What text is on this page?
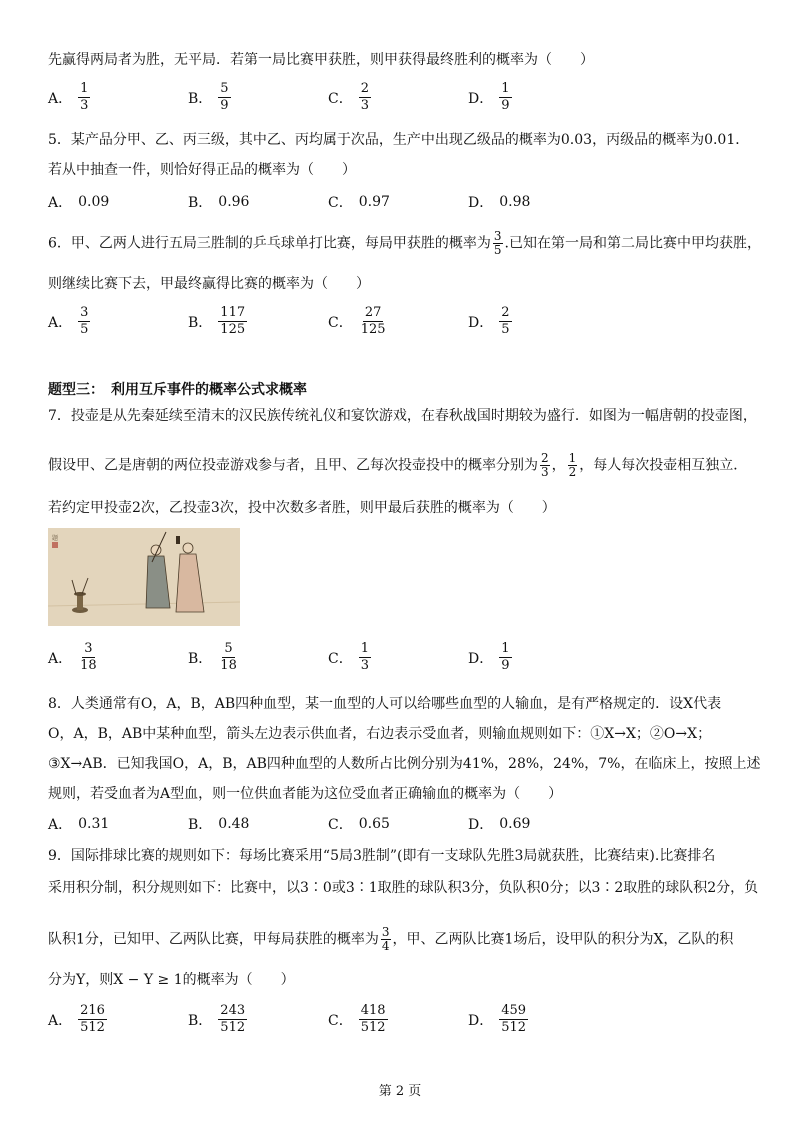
先赢得两局者为胜，无平局．若第一局比赛甲获胜，则甲获得最终胜利的概率为（　　）
A． $\frac{1}{3}$	B． $\frac{5}{9}$	C． $\frac{2}{3}$	D． $\frac{1}{9}$
5．某产品分甲、乙、丙三级，其中乙、丙均属于次品，生产中出现乙级品的概率为0.03，丙级品的概率为0.01．
若从中抽查一件，则恰好得正品的概率为（　　）
A． 0.09	B． 0.96	C． 0.97	D． 0.98
6．甲、乙两人进行五局三胜制的乒乓球单打比赛，每局甲获胜的概率为 $\frac{3}{5}$ .已知在第一局和第二局比赛中甲均获胜，
则继续比赛下去，甲最终赢得比赛的概率为（　　）
A． $\frac{3}{5}$	B． $\frac{117}{125}$	C． $\frac{27}{125}$	D． $\frac{2}{5}$
题型三：　利用互斥事件的概率公式求概率
7．投壶是从先秦延续至清末的汉民族传统礼仪和宴饮游戏，在春秋战国时期较为盛行．如图为一幅唐朝的投壶图，
假设甲、乙是唐朝的两位投壶游戏参与者，且甲、乙每次投壶投中的概率分别为 $\frac{2}{3}$ ， $\frac{1}{2}$ ，每人每次投壶相互独立．
若约定甲投壶2次，乙投壶3次，投中次数多者胜，则甲最后获胜的概率为（　　）
题
A． $\frac{3}{18}$	B． $\frac{5}{18}$	C． $\frac{1}{3}$	D． $\frac{1}{9}$
8．人类通常有O，A，B，AB四种血型，某一血型的人可以给哪些血型的人输血，是有严格规定的．设X代表
O，A，B，AB中某种血型，箭头左边表示供血者，右边表示受血者，则输血规则如下：①X→X；②O→X；
③X→AB．已知我国O，A，B，AB四种血型的人数所占比例分别为41%，28%，24%，7%，在临床上，按照上述
规则，若受血者为A型血，则一位供血者能为这位受血者正确输血的概率为（　　）
A． 0.31	B． 0.48	C． 0.65	D． 0.69
9．国际排球比赛的规则如下：每场比赛采用“5局3胜制”(即有一支球队先胜3局就获胜，比赛结束).比赛排名
采用积分制，积分规则如下：比赛中，以3∶0或3∶1取胜的球队积3分，负队积0分；以3∶2取胜的球队积2分，负
队积1分，已知甲、乙两队比赛，甲每局获胜的概率为 $\frac{3}{4}$ ，甲、乙两队比赛1场后，设甲队的积分为X，乙队的积
分为Y，则X − Y ≥ 1的概率为（　　）
A． $\frac{216}{512}$	B． $\frac{243}{512}$	C． $\frac{418}{512}$	D． $\frac{459}{512}$
第 2 页
